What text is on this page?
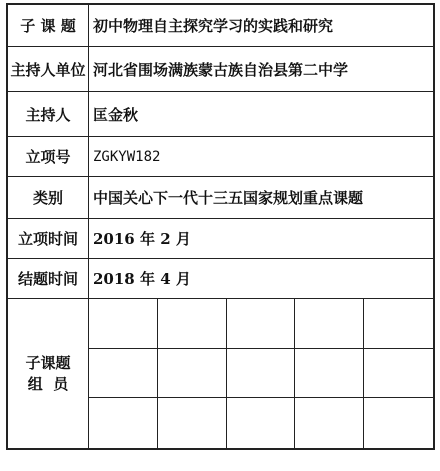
子 课 题	初中物理自主探究学习的实践和研究
主持人单位 河北省围场满族蒙古族自治县第二中学
主持人	匡金秋
立项号	ZGKYW182
类别	中国关心下一代十三五国家规划重点课题
立项时间	2016 年 2 月
结题时间	2018 年 4 月
子课题
组  员
